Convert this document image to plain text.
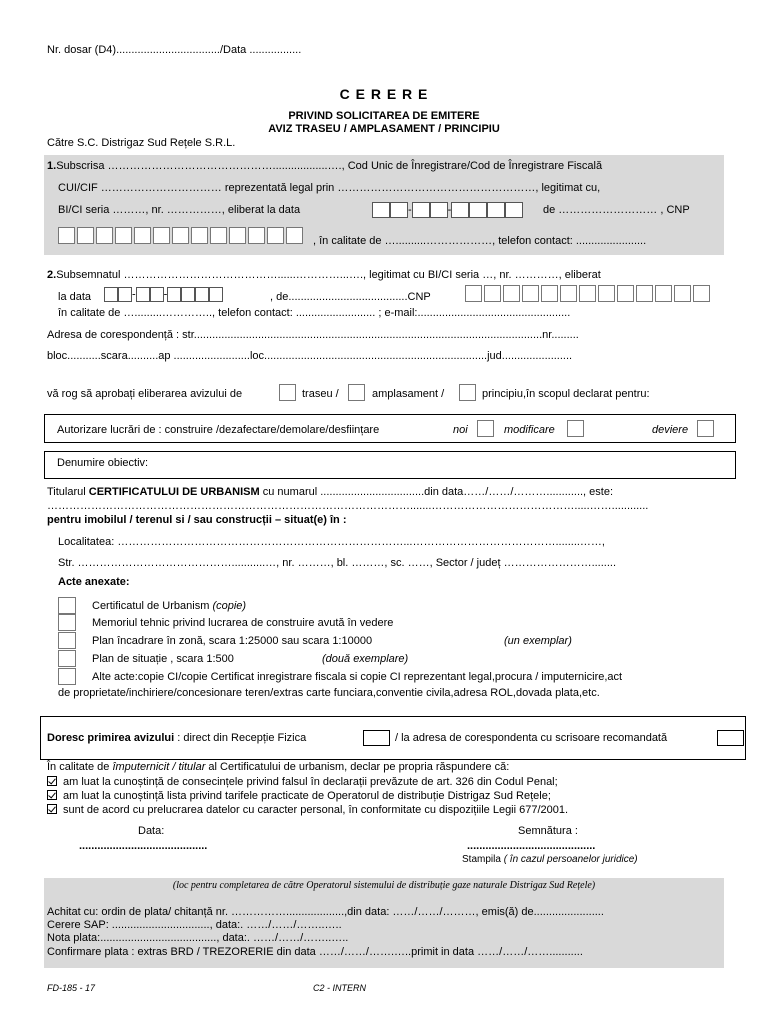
Nr. dosar (D4)................................../Data .................
C E R E R E
PRIVIND SOLICITAREA DE EMITERE
AVIZ TRASEU / AMPLASAMENT / PRINCIPIU
Către S.C. Distrigaz Sud Rețele S.R.L.
1.Subscrisa ………………………………………..................…., Cod Unic de Înregistrare/Cod de Înregistrare Fiscală
CUI/CIF …………………………… reprezentată legal prin ………………………………………………, legitimat cu,
BI/CI seria ………, nr. ……………, eliberat la data	-	-	de ……………………… , CNP
, în calitate de …..........………………, telefon contact: .......................
2.Subsemnatul ……………………………………......…………...…., legitimat cu BI/CI seria …, nr. …………, eliberat
la data	-	-	, de.......................................CNP
în calitate de ….........………….., telefon contact: .......................... ; e-mail:..................................................
Adresa de corespondență : str..................................................................................................................nr.........
bloc...........scara..........ap .........................loc.........................................................................jud.......................
vă rog să aprobați eliberarea avizului de	traseu /	amplasament /	principiu,în scopul declarat pentru:
Autorizare lucrări de : construire /dezafectare/demolare/desființare	noi	modificare	deviere
Denumire obiectiv:
Titularul CERTIFICATULUI DE URBANISM cu numarul ..................................din data……/……/………............, este:
……………………………………………………………………………………….......………………………………….....……............
pentru imobilul / terenul si / sau construcții – situat(e) în :
Localitatea: ……………………………………………………………………...…………………………………........……,
Str. ……………………………………...........…, nr. ………, bl. ………, sc. ……, Sector / județ ……………………........
Acte anexate:
Certificatul de Urbanism (copie)
Memoriul tehnic privind lucrarea de construire avută în vedere
Plan încadrare în zonă, scara 1:25000 sau scara 1:10000	(un exemplar)
Plan de situație , scara 1:500	(două exemplare)
Alte acte:copie CI/copie Certificat inregistrare fiscala si copie CI reprezentant legal,procura / imputernicire,act
de proprietate/inchiriere/concesionare teren/extras carte funciara,conventie civila,adresa ROL,dovada plata,etc.
Doresc primirea avizului : direct din Recepție Fizica	/ la adresa de corespondenta cu scrisoare recomandată
În calitate de împuternicit / titular al Certificatului de urbanism, declar pe propria răspundere că:
am luat la cunoștință de consecințele privind falsul în declarații prevăzute de art. 326 din Codul Penal;
am luat la cunoștință lista privind tarifele practicate de Operatorul de distribuție Distrigaz Sud Rețele;
sunt de acord cu prelucrarea datelor cu caracter personal, în conformitate cu dispozițiile Legii 677/2001.
Data:
..........................................
Semnătura :
..........................................
Stampila ( în cazul persoanelor juridice)
(loc pentru completarea de către Operatorul sistemului de distribuție gaze naturale Distrigaz Sud Rețele)
Achitat cu: ordin de plata/ chitanță nr. ……………...................,din data: ……/……/………, emis(ă) de.......................
Cerere SAP: ................................, data:. ……/……/……..…..
Nota plata:......................................, data:. ……/……/……..…..
Confirmare plata : extras BRD / TREZORERIE din data ……/……/…….…..primit in data ……/……/……...........
FD-185 - 17	C2 - INTERN
